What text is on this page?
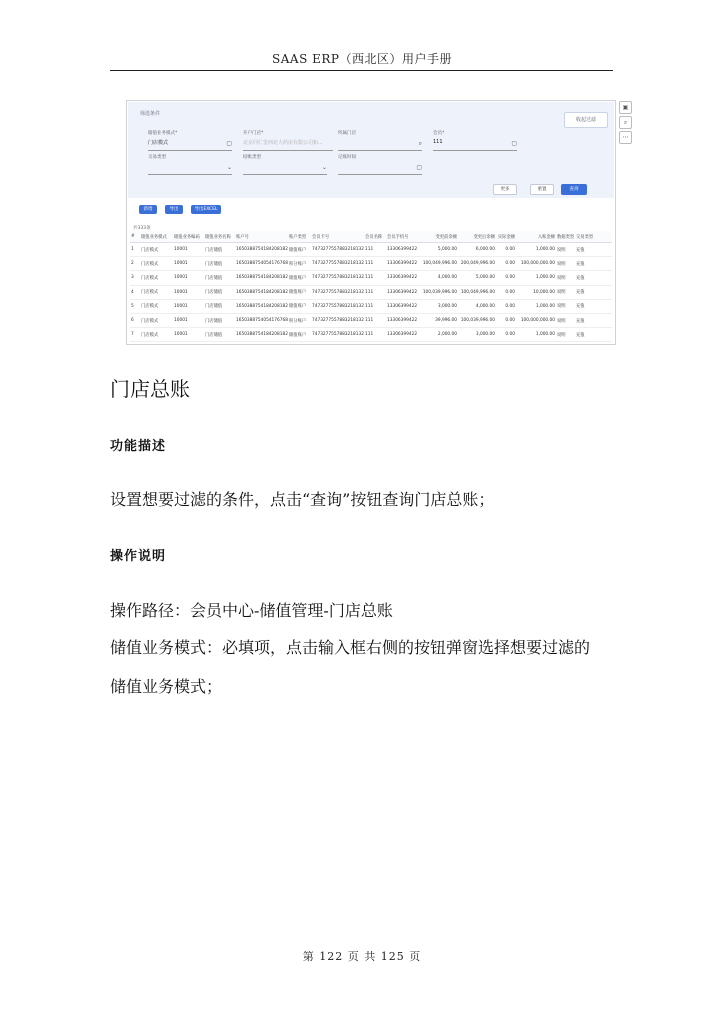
SAAS ERP（西北区）用户手册
筛选条件
收起过滤
储值业务模式*
门店模式	▢
开户门店*
北京同仁堂西北大药房有限公司和...
所属门店
⌕
会员*
111	▢
交易类型
⌄
结帐类型
⌄
记账时间
▢
更多	重置	查询
新增	导出	导出EXCEL
共333条
#	储值业务模式	储值业务编码	储值业务名称	账户号	账户类型	会员卡号	会员名称	会员手机号	变更前余额	变更后余额	实际金额	入账金额	数据类型	交易类型
1	门店模式	10001	门店储值	1650388754184208182	储值账户	7473277557883218132	111	13306399422	5,000.00	6,000.00	0.00	1,000.00	说明	充值
2	门店模式	10001	门店储值	1650388754054176768	积分账户	7473277557883218132	111	13306399422	100,049,996.00	200,049,996.00	0.00	100,000,000.00	说明	充值
3	门店模式	10001	门店储值	1650388754184208182	储值账户	7473277557883218132	111	13306399422	4,000.00	5,000.00	0.00	1,000.00	说明	充值
4	门店模式	10001	门店储值	1650388754184208182	储值账户	7473277557883218132	111	13306399422	100,039,996.00	100,049,996.00	0.00	10,000.00	说明	充值
5	门店模式	10001	门店储值	1650388754184208182	储值账户	7473277557883218132	111	13306399422	3,000.00	4,000.00	0.00	1,000.00	说明	充值
6	门店模式	10001	门店储值	1650388754054176768	积分账户	7473277557883218132	111	13306399422	39,996.00	100,039,996.00	0.00	100,000,000.00	说明	充值
7	门店模式	10001	门店储值	1650388754184208182	储值账户	7473277557883218132	111	13306399422	2,000.00	3,000.00	0.00	1,000.00	说明	充值
▣
⌕
⋯
门店总账
功能描述

设置想要过滤的条件，点击“查询”按钮查询门店总账；

操作说明

操作路径：会员中心-储值管理-门店总账

储值业务模式：必填项，点击输入框右侧的按钮弹窗选择想要过滤的

储值业务模式；

第 122 页 共 125 页
